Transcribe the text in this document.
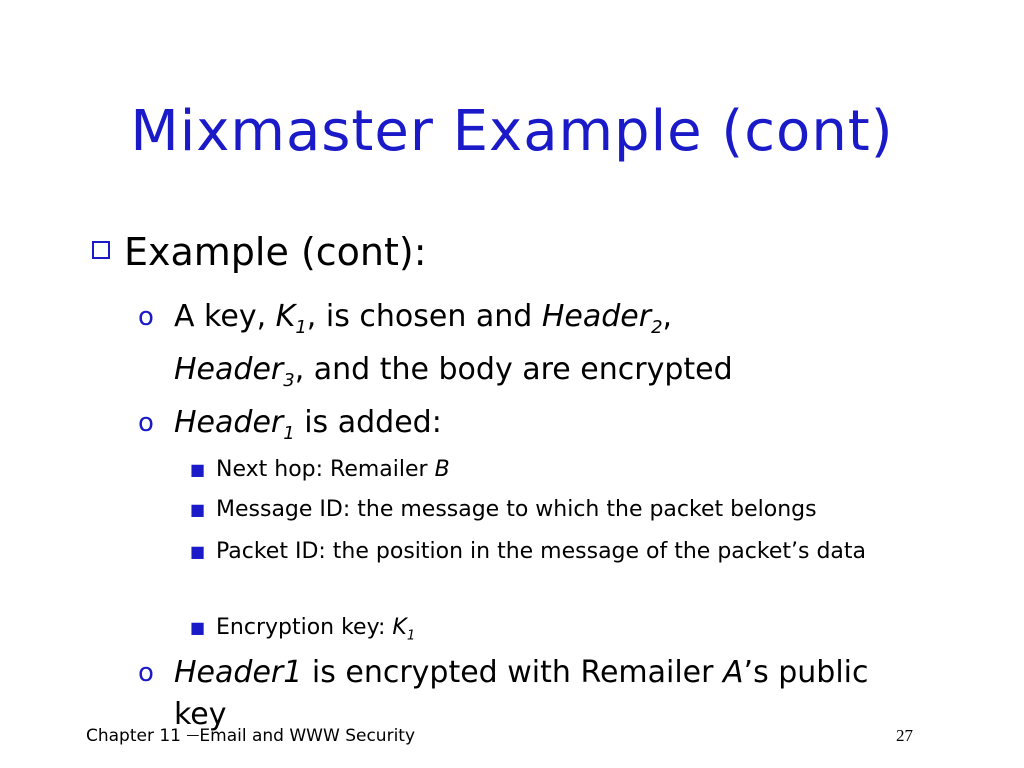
Mixmaster Example (cont)
Example (cont):
o A key, $K_1$, is chosen and Header$_2$,
Header$_3$, and the body are encrypted
o Header$_1$ is added:
■ Next hop: Remailer B
■ Message ID: the message to which the packet belongs
■ Packet ID: the position in the message of the packet’s data
■ Encryption key: $K_1$
o Header1 is encrypted with Remailer A’s public key
Chapter 11 —Email and WWW Security	27
